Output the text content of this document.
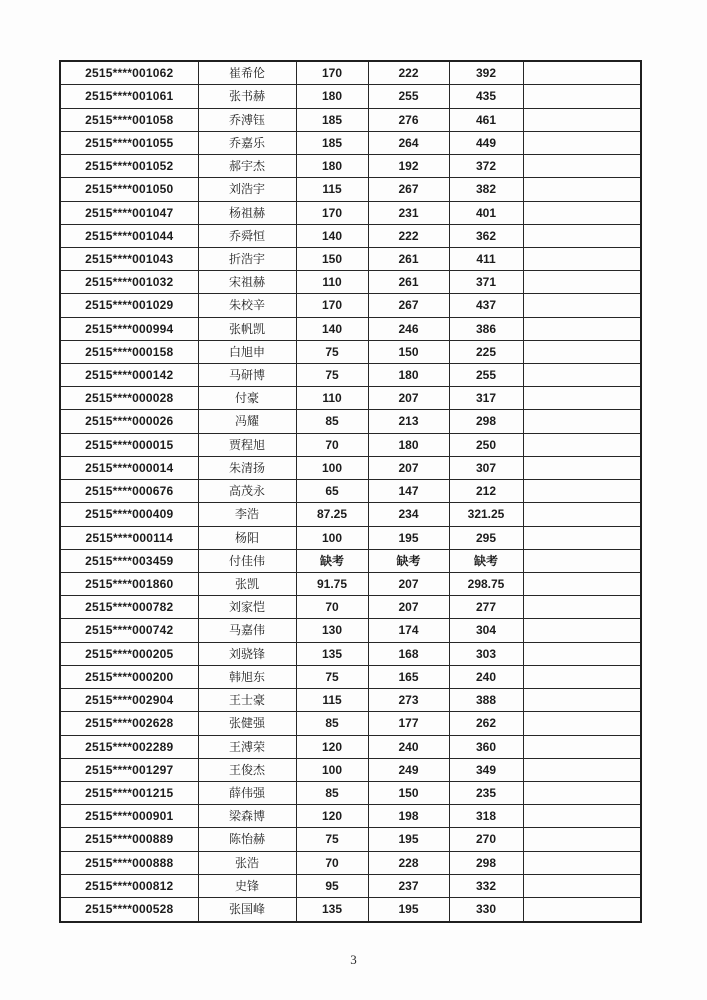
2515****001062	崔希伦	170	222	392	
2515****001061	张书赫	180	255	435	
2515****001058	乔溥钰	185	276	461	
2515****001055	乔嘉乐	185	264	449	
2515****001052	郝宇杰	180	192	372	
2515****001050	刘浩宇	115	267	382	
2515****001047	杨祖赫	170	231	401	
2515****001044	乔舜恒	140	222	362	
2515****001043	折浩宇	150	261	411	
2515****001032	宋祖赫	110	261	371	
2515****001029	朱校辛	170	267	437	
2515****000994	张帆凯	140	246	386	
2515****000158	白旭申	75	150	225	
2515****000142	马研博	75	180	255	
2515****000028	付豪	110	207	317	
2515****000026	冯耀	85	213	298	
2515****000015	贾程旭	70	180	250	
2515****000014	朱清扬	100	207	307	
2515****000676	高茂永	65	147	212	
2515****000409	李浩	87.25	234	321.25	
2515****000114	杨阳	100	195	295	
2515****003459	付佳伟	缺考	缺考	缺考	
2515****001860	张凯	91.75	207	298.75	
2515****000782	刘家恺	70	207	277	
2515****000742	马嘉伟	130	174	304	
2515****000205	刘骁锋	135	168	303	
2515****000200	韩旭东	75	165	240	
2515****002904	王士豪	115	273	388	
2515****002628	张健强	85	177	262	
2515****002289	王溥荣	120	240	360	
2515****001297	王俊杰	100	249	349	
2515****001215	薛伟强	85	150	235	
2515****000901	梁森博	120	198	318	
2515****000889	陈怡赫	75	195	270	
2515****000888	张浩	70	228	298	
2515****000812	史锋	95	237	332	
2515****000528	张国峰	135	195	330	
3
